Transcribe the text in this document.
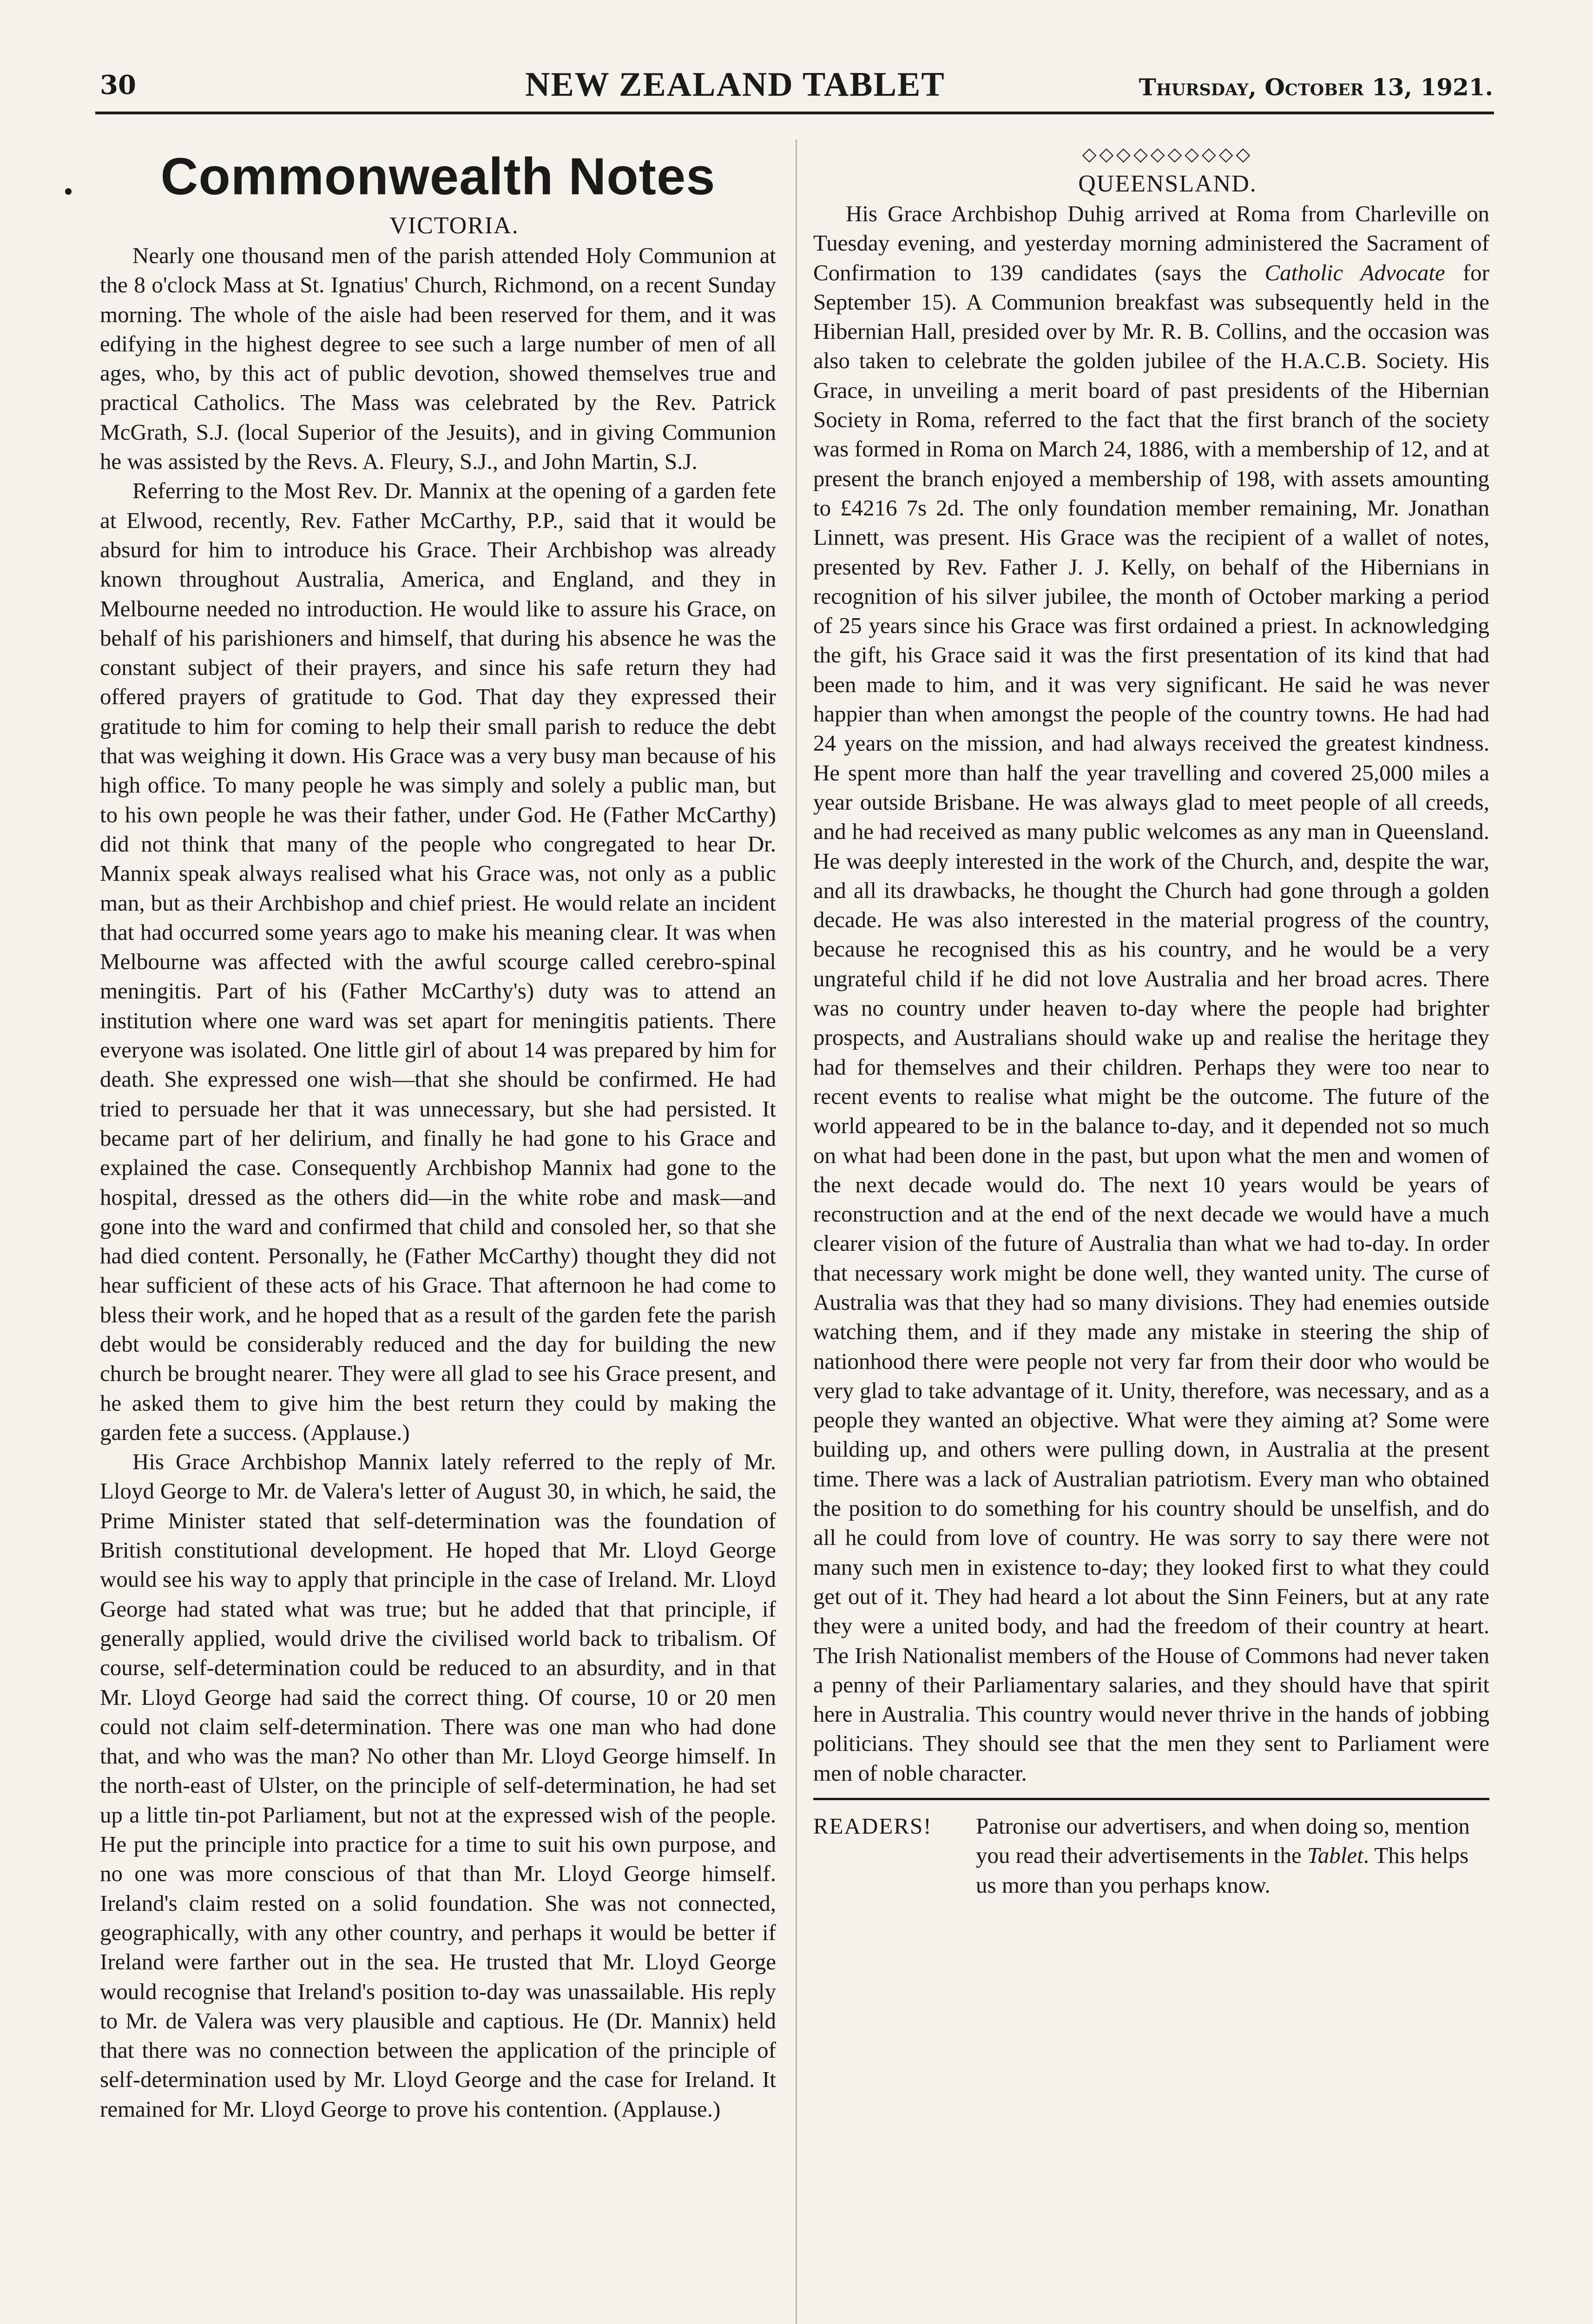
30	NEW ZEALAND TABLET	Thursday, October 13, 1921.
Commonwealth Notes

VICTORIA.

Nearly one thousand men of the parish attended Holy Communion at the 8 o'clock Mass at St. Ignatius' Church, Richmond, on a recent Sunday morning. The whole of the aisle had been reserved for them, and it was edifying in the highest degree to see such a large number of men of all ages, who, by this act of public devotion, showed themselves true and practical Catholics. The Mass was celebrated by the Rev. Patrick McGrath, S.J. (local Superior of the Jesuits), and in giving Communion he was assisted by the Revs. A. Fleury, S.J., and John Martin, S.J.

Referring to the Most Rev. Dr. Mannix at the opening of a garden fete at Elwood, recently, Rev. Father McCarthy, P.P., said that it would be absurd for him to introduce his Grace. Their Archbishop was already known throughout Australia, America, and England, and they in Melbourne needed no introduction. He would like to assure his Grace, on behalf of his parishioners and himself, that during his absence he was the constant subject of their prayers, and since his safe return they had offered prayers of gratitude to God. That day they expressed their gratitude to him for coming to help their small parish to reduce the debt that was weighing it down. His Grace was a very busy man because of his high office. To many people he was simply and solely a public man, but to his own people he was their father, under God. He (Father McCarthy) did not think that many of the people who congregated to hear Dr. Mannix speak always realised what his Grace was, not only as a public man, but as their Archbishop and chief priest. He would relate an incident that had occurred some years ago to make his meaning clear. It was when Melbourne was affected with the awful scourge called cerebro-spinal meningitis. Part of his (Father McCarthy's) duty was to attend an institution where one ward was set apart for meningitis patients. There everyone was isolated. One little girl of about 14 was prepared by him for death. She expressed one wish—that she should be confirmed. He had tried to persuade her that it was unnecessary, but she had persisted. It became part of her delirium, and finally he had gone to his Grace and explained the case. Consequently Archbishop Mannix had gone to the hospital, dressed as the others did—in the white robe and mask—and gone into the ward and confirmed that child and consoled her, so that she had died content. Personally, he (Father McCarthy) thought they did not hear sufficient of these acts of his Grace. That afternoon he had come to bless their work, and he hoped that as a result of the garden fete the parish debt would be considerably reduced and the day for building the new church be brought nearer. They were all glad to see his Grace present, and he asked them to give him the best return they could by making the garden fete a success. (Applause.)

His Grace Archbishop Mannix lately referred to the reply of Mr. Lloyd George to Mr. de Valera's letter of August 30, in which, he said, the Prime Minister stated that self-determination was the foundation of British constitutional development. He hoped that Mr. Lloyd George would see his way to apply that principle in the case of Ireland. Mr. Lloyd George had stated what was true; but he added that that principle, if generally applied, would drive the civilised world back to tribalism. Of course, self-determination could be reduced to an absurdity, and in that Mr. Lloyd George had said the correct thing. Of course, 10 or 20 men could not claim self-determination. There was one man who had done that, and who was the man? No other than Mr. Lloyd George himself. In the north-east of Ulster, on the principle of self-determination, he had set up a little tin-pot Parliament, but not at the expressed wish of the people. He put the principle into practice for a time to suit his own purpose, and no one was more conscious of that than Mr. Lloyd George himself. Ireland's claim rested on a solid foundation. She was not connected, geographically, with any other country, and perhaps it would be better if Ireland were farther out in the sea. He trusted that Mr. Lloyd George would recognise that Ireland's position to-day was unassailable. His reply to Mr. de Valera was very plausible and captious. He (Dr. Mannix) held that there was no connection between the application of the principle of self-determination used by Mr. Lloyd George and the case for Ireland. It remained for Mr. Lloyd George to prove his contention. (Applause.)

◇◇◇◇◇◇◇◇◇◇

QUEENSLAND.

His Grace Archbishop Duhig arrived at Roma from Charleville on Tuesday evening, and yesterday morning administered the Sacrament of Confirmation to 139 candidates (says the Catholic Advocate for September 15). A Communion breakfast was subsequently held in the Hibernian Hall, presided over by Mr. R. B. Collins, and the occasion was also taken to celebrate the golden jubilee of the H.A.C.B. Society. His Grace, in unveiling a merit board of past presidents of the Hibernian Society in Roma, referred to the fact that the first branch of the society was formed in Roma on March 24, 1886, with a membership of 12, and at present the branch enjoyed a membership of 198, with assets amounting to £4216 7s 2d. The only foundation member remaining, Mr. Jonathan Linnett, was present. His Grace was the recipient of a wallet of notes, presented by Rev. Father J. J. Kelly, on behalf of the Hibernians in recognition of his silver jubilee, the month of October marking a period of 25 years since his Grace was first ordained a priest. In acknowledging the gift, his Grace said it was the first presentation of its kind that had been made to him, and it was very significant. He said he was never happier than when amongst the people of the country towns. He had had 24 years on the mission, and had always received the greatest kindness. He spent more than half the year travelling and covered 25,000 miles a year outside Brisbane. He was always glad to meet people of all creeds, and he had received as many public welcomes as any man in Queensland. He was deeply interested in the work of the Church, and, despite the war, and all its drawbacks, he thought the Church had gone through a golden decade. He was also interested in the material progress of the country, because he recognised this as his country, and he would be a very ungrateful child if he did not love Australia and her broad acres. There was no country under heaven to-day where the people had brighter prospects, and Australians should wake up and realise the heritage they had for themselves and their children. Perhaps they were too near to recent events to realise what might be the outcome. The future of the world appeared to be in the balance to-day, and it depended not so much on what had been done in the past, but upon what the men and women of the next decade would do. The next 10 years would be years of reconstruction and at the end of the next decade we would have a much clearer vision of the future of Australia than what we had to-day. In order that necessary work might be done well, they wanted unity. The curse of Australia was that they had so many divisions. They had enemies outside watching them, and if they made any mistake in steering the ship of nationhood there were people not very far from their door who would be very glad to take advantage of it. Unity, therefore, was necessary, and as a people they wanted an objective. What were they aiming at? Some were building up, and others were pulling down, in Australia at the present time. There was a lack of Australian patriotism. Every man who obtained the position to do something for his country should be unselfish, and do all he could from love of country. He was sorry to say there were not many such men in existence to-day; they looked first to what they could get out of it. They had heard a lot about the Sinn Feiners, but at any rate they were a united body, and had the freedom of their country at heart. The Irish Nationalist members of the House of Commons had never taken a penny of their Parliamentary salaries, and they should have that spirit here in Australia. This country would never thrive in the hands of jobbing politicians. They should see that the men they sent to Parliament were men of noble character.

READERS!	Patronise our advertisers, and when doing so, mention you read their advertisements in the Tablet. This helps us more than you perhaps know.
